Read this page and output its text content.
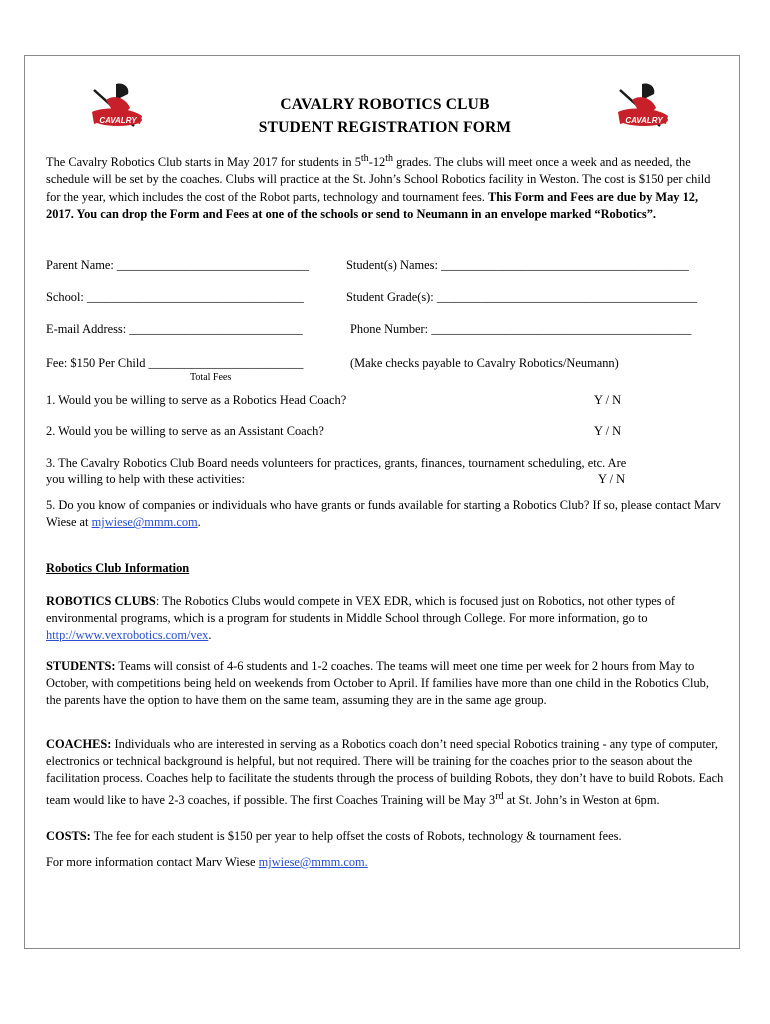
CAVALRY	CAVALRY
CAVALRY ROBOTICS CLUB
STUDENT REGISTRATION FORM
The Cavalry Robotics Club starts in May 2017 for students in 5th-12th grades. The clubs will meet once a week and as needed, the schedule will be set by the coaches. Clubs will practice at the St. John’s School Robotics facility in Weston. The cost is $150 per child for the year, which includes the cost of the Robot parts, technology and tournament fees. This Form and Fees are due by May 12, 2017. You can drop the Form and Fees at one of the schools or send to Neumann in an envelope marked “Robotics”.
Parent Name: _______________________________	Student(s) Names: ________________________________________
School: ___________________________________	Student Grade(s): __________________________________________
E-mail Address: ____________________________	Phone Number: __________________________________________
Fee: $150 Per Child _________________________	(Make checks payable to Cavalry Robotics/Neumann)
Total Fees
1. Would you be willing to serve as a Robotics Head Coach?	Y / N
2. Would you be willing to serve as an Assistant Coach?	Y / N
3. The Cavalry Robotics Club Board needs volunteers for practices, grants, finances, tournament scheduling, etc. Are
you willing to help with these activities:	Y / N
5. Do you know of companies or individuals who have grants or funds available for starting a Robotics Club? If so, please contact Marv Wiese at mjwiese@mmm.com.
Robotics Club Information
ROBOTICS CLUBS: The Robotics Clubs would compete in VEX EDR, which is focused just on Robotics, not other types of environmental programs, which is a program for students in Middle School through College. For more information, go to http://www.vexrobotics.com/vex.
STUDENTS: Teams will consist of 4-6 students and 1-2 coaches. The teams will meet one time per week for 2 hours from May to October, with competitions being held on weekends from October to April. If families have more than one child in the Robotics Club, the parents have the option to have them on the same team, assuming they are in the same age group.
COACHES: Individuals who are interested in serving as a Robotics coach don’t need special Robotics training - any type of computer, electronics or technical background is helpful, but not required. There will be training for the coaches prior to the season about the facilitation process. Coaches help to facilitate the students through the process of building Robots, they don’t have to build Robots. Each team would like to have 2-3 coaches, if possible. The first Coaches Training will be May 3rd at St. John’s in Weston at 6pm.
COSTS: The fee for each student is $150 per year to help offset the costs of Robots, technology & tournament fees.
For more information contact Marv Wiese mjwiese@mmm.com.
